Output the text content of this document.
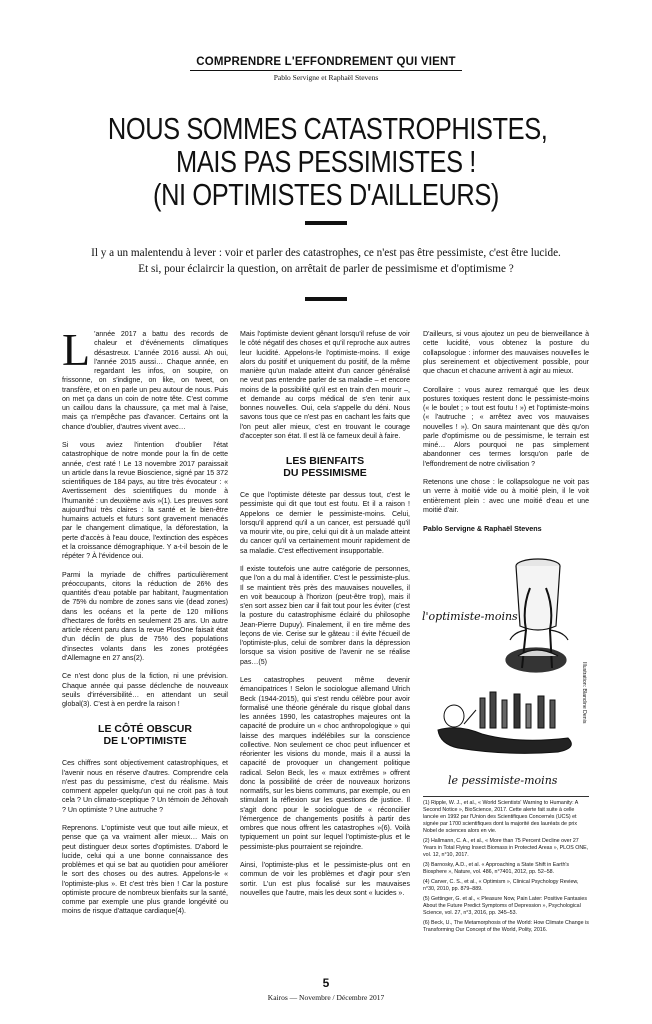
COMPRENDRE L'EFFONDREMENT QUI VIENT
Pablo Servigne et Raphaël Stevens
NOUS SOMMES CATASTROPHISTES,
MAIS PAS PESSIMISTES !
(NI OPTIMISTES D'AILLEURS)
Il y a un malentendu à lever : voir et parler des catastrophes, ce n'est pas être pessimiste, c'est être lucide.
Et si, pour éclaircir la question, on arrêtait de parler de pessimisme et d'optimisme ?

L 'année 2017 a battu des records de chaleur et d'événements climatiques désastreux. L'année 2016 aussi. Ah oui, l'année 2015 aussi… Chaque année, en regardant les infos, on soupire, on frissonne, on s'indigne, on like, on tweet, on transfère, et on en parle un peu autour de nous. Puis on met ça dans un coin de notre tête. C'est comme un caillou dans la chaussure, ça met mal à l'aise, mais ça n'empêche pas d'avancer. Certains ont la chance d'oublier, d'autres vivent avec…

Si vous aviez l'intention d'oublier l'état catastrophique de notre monde pour la fin de cette année, c'est raté ! Le 13 novembre 2017 paraissait un article dans la revue Bioscience, signé par 15 372 scientifiques de 184 pays, au titre très évocateur : « Avertissement des scientifiques du monde à l'humanité : un deuxième avis »(1). Les preuves sont aujourd'hui très claires : la santé et le bien-être humains actuels et futurs sont gravement menacés par le changement climatique, la déforestation, la perte d'accès à l'eau douce, l'extinction des espèces et la croissance démographique. Y a-t-il besoin de le répéter ? À l'évidence oui.

Parmi la myriade de chiffres particulièrement préoccupants, citons la réduction de 26% des quantités d'eau potable par habitant, l'augmentation de 75% du nombre de zones sans vie (dead zones) dans les océans et la perte de 120 millions d'hectares de forêts en seulement 25 ans. Un autre article récent paru dans la revue PlosOne faisait état d'un déclin de plus de 75% des populations d'insectes volants dans les zones protégées d'Allemagne en 27 ans(2).

Ce n'est donc plus de la fiction, ni une prévision. Chaque année qui passe déclenche de nouveaux seuils d'irréversibilité… en attendant un seuil global(3). C'est à en perdre la raison !

LE CÔTÉ OBSCUR
DE L'OPTIMISTE

Ces chiffres sont objectivement catastrophiques, et l'avenir nous en réserve d'autres. Comprendre cela n'est pas du pessimisme, c'est du réalisme. Mais comment appeler quelqu'un qui ne croit pas à tout cela ? Un climato-sceptique ? Un témoin de Jéhovah ? Un optimiste ? Une autruche ?

Reprenons. L'optimiste veut que tout aille mieux, et pense que ça va vraiment aller mieux… Mais on peut distinguer deux sortes d'optimistes. D'abord le lucide, celui qui a une bonne connaissance des problèmes et qui se bat au quotidien pour améliorer le sort des choses ou des autres. Appelons-le « l'optimiste-plus ». Et c'est très bien ! Car la posture optimiste procure de nombreux bienfaits sur la santé, comme par exemple une plus grande longévité ou moins de risque d'attaque cardiaque(4).

Mais l'optimiste devient gênant lorsqu'il refuse de voir le côté négatif des choses et qu'il reproche aux autres leur lucidité. Appelons-le l'optimiste-moins. Il exige alors du positif et uniquement du positif, de la même manière qu'un malade atteint d'un cancer généralisé ne veut pas entendre parler de sa maladie – et encore moins de la possibilité qu'il est en train d'en mourir –, et demande au corps médical de s'en tenir aux bonnes nouvelles. Oui, cela s'appelle du déni. Nous savons tous que ce n'est pas en cachant les faits que l'on peut aller mieux, c'est en trouvant le courage d'accepter son état. Il est là ce fameux deuil à faire.

LES BIENFAITS
DU PESSIMISME

Ce que l'optimiste déteste par dessus tout, c'est le pessimiste qui dit que tout est foutu. Et il a raison ! Appelons ce dernier le pessimiste-moins. Celui, lorsqu'il apprend qu'il a un cancer, est persuadé qu'il va mourir vite, ou pire, celui qui dit à un malade atteint du cancer qu'il va certainement mourir rapidement de sa maladie. C'est effectivement insupportable.

Il existe toutefois une autre catégorie de personnes, que l'on a du mal à identifier. C'est le pessimiste-plus. Il se maintient très près des mauvaises nouvelles, il en voit beaucoup à l'horizon (peut-être trop), mais il s'en sort assez bien car il fait tout pour les éviter (c'est la posture du catastrophisme éclairé du philosophe Jean-Pierre Dupuy). Finalement, il en tire même des leçons de vie. Cerise sur le gâteau : il évite l'écueil de l'optimiste-plus, celui de sombrer dans la dépression lorsque sa vision positive de l'avenir ne se réalise pas…(5)

Les catastrophes peuvent même devenir émancipatrices ! Selon le sociologue allemand Ulrich Beck (1944-2015), qui s'est rendu célèbre pour avoir formalisé une théorie générale du risque global dans les années 1990, les catastrophes majeures ont la capacité de produire un « choc anthropologique » qui laisse des marques indélébiles sur la conscience collective. Non seulement ce choc peut influencer et réorienter les visions du monde, mais il a aussi la capacité de provoquer un changement politique radical. Selon Beck, les « maux extrêmes » offrent donc la possibilité de créer de nouveaux horizons normatifs, sur les biens communs, par exemple, ou en stimulant la réflexion sur les questions de justice. Il s'agit donc pour le sociologue de « réconcilier l'émergence de changements positifs à partir des ombres que nous offrent les catastrophes »(6). Voilà typiquement un point sur lequel l'optimiste-plus et le pessimiste-plus pourraient se rejoindre.

Ainsi, l'optimiste-plus et le pessimiste-plus ont en commun de voir les problèmes et d'agir pour s'en sortir. L'un est plus focalisé sur les mauvaises nouvelles que l'autre, mais les deux sont « lucides ».

D'ailleurs, si vous ajoutez un peu de bienveillance à cette lucidité, vous obtenez la posture du collapsologue : informer des mauvaises nouvelles le plus sereinement et objectivement possible, pour que chacun et chacune arrivent à agir au mieux.

Corollaire : vous aurez remarqué que les deux postures toxiques restent donc le pessimiste-moins (« le boulet ; » tout est foutu ! ») et l'optimiste-moins (« l'autruche ; « arrêtez avec vos mauvaises nouvelles ! »). On saura maintenant que dès qu'on parle d'optimisme ou de pessimisme, le terrain est miné… Alors pourquoi ne pas simplement abandonner ces termes lorsqu'on parle de l'effondrement de notre civilisation ?

Retenons une chose : le collapsologue ne voit pas un verre à moitié vide ou à moitié plein, il le voit entièrement plein : avec une moitié d'eau et une moitié d'air.

Pablo Servigne & Raphaël Stevens
l'optimiste-moins
le pessimiste-moins
Illustration: Blandine Denis
(1) Ripple, W. J., et al., « World Scientists' Warning to Humanity: A Second Notice », BioScience, 2017. Cette alerte fait suite à celle lancée en 1992 par l'Union des Scientifiques Concernés (UCS) et signée par 1700 scientifiques dont la majorité des lauréats de prix Nobel de sciences alors en vie.
(2) Hallmann, C. A., et al., « More than 75 Percent Decline over 27 Years in Total Flying Insect Biomass in Protected Areas », PLOS ONE, vol. 12, n°10, 2017.
(3) Barnosky, A.D., et al. « Approaching a State Shift in Earth's Biosphere », Nature, vol. 486, n°7401, 2012, pp. 52–58.
(4) Carver, C. S., et al., « Optimism », Clinical Psychology Review, n°30, 2010, pp. 879–889.
(5) Gettinger, G. et al., « Pleasure Now, Pain Later: Positive Fantasies About the Future Predict Symptoms of Depression », Psychological Science, vol. 27, n°3, 2016, pp. 345–53.
(6) Beck, U., The Metamorphosis of the World: How Climate Change is Transforming Our Concept of the World, Polity, 2016.
5
Kairos — Novembre / Décembre 2017
